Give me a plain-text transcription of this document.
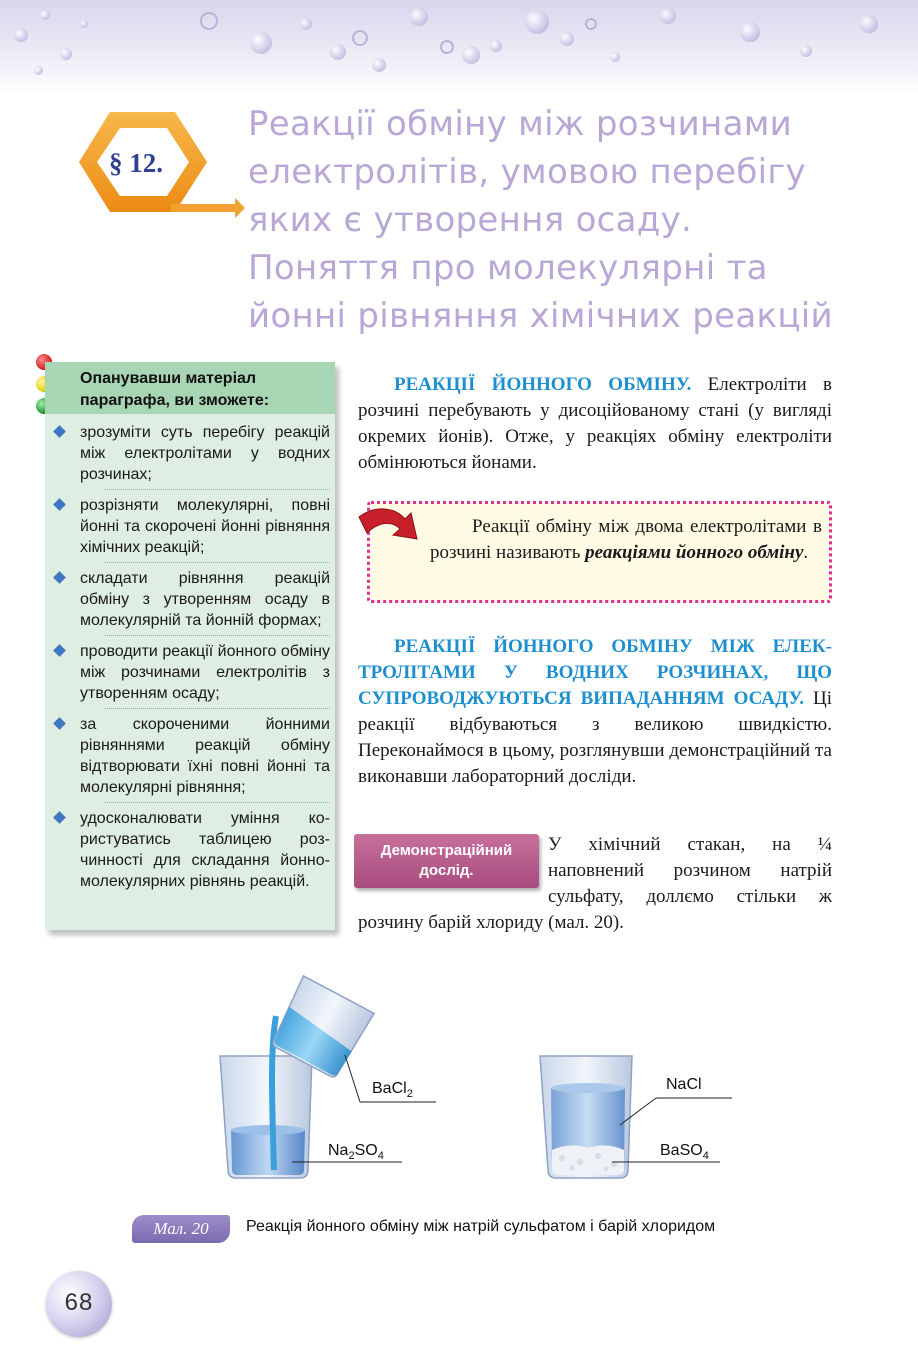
§ 12.
Реакції обміну між розчинами
електролітів, умовою перебігу
яких є утворення осаду.
Поняття про молекулярні та
йонні рівняння хімічних реакцій
Опанувавши матеріал
параграфа, ви зможете:
зрозуміти суть перебігу реакцій між електролітами у водних розчинах;
розрізняти молекулярні, повні йонні та скорочені йонні рівняння хімічних реакцій;
складати рівняння реакцій обміну з утворенням осаду в молекулярній та йонній формах;
проводити реакції йонного обміну між розчинами електролітів з утворенням осаду;
за скороченими йонними рівняннями реакцій обміну відтворювати їхні повні йонні та молекулярні рівняння;
удосконалювати уміння користуватись таблицею розчинності для складання йонно-молекулярних рівнянь реакцій.

РЕАКЦІЇ ЙОННОГО ОБМІНУ. Електроліти в розчині перебувають у дисоційованому стані (у вигляді окремих йонів). Отже, у реакціях обміну електроліти обмінюються йонами.

Реакції обміну між двома електролітами в розчині називають реакціями йонного обміну.

РЕАКЦІЇ ЙОННОГО ОБМІНУ МІЖ ЕЛЕКТРОЛІТАМИ У ВОДНИХ РОЗЧИНАХ, ЩО СУПРОВОДЖУЮТЬСЯ ВИПАДАННЯМ ОСАДУ. Ці реакції відбуваються з великою швидкістю. Переконаймося в цьому, розглянувши демонстраційний та виконавши лабораторний досліди.

Демонстраційний
дослід.
У хімічний стакан, на ¼ наповнений розчином натрій сульфату, доллємо стільки ж розчину барій хлориду (мал. 20).
BaCl$_2$
$Na_2SO_4$
NaCl
BaSO$_4$
Мал. 20	Реакція йонного обміну між натрій сульфатом і барій хлоридом
68
